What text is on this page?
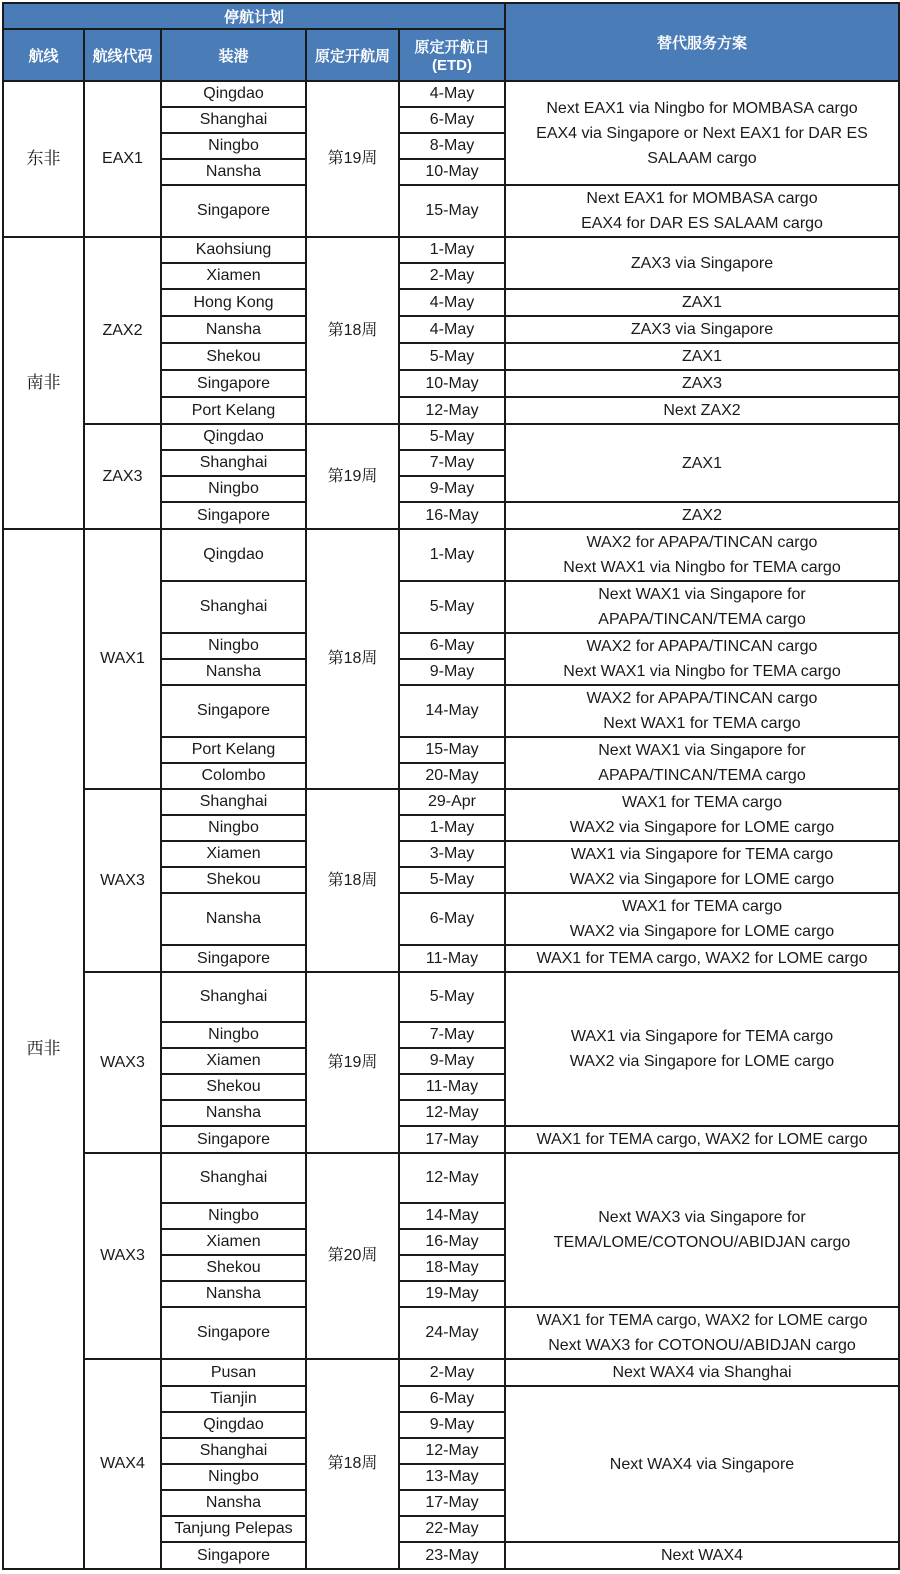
停航计划					替代服务方案
航线	航线代码	装港	原定开航周	原定开航日
(ETD)	

东非	EAX1	Qingdao	第19周	4-May	Next EAX1 via Ningbo for MOMBASA cargo
EAX4 via Singapore or Next EAX1 for DAR ES SALAAM cargo

		Shanghai		6-May	
		Ningbo		8-May	
		Nansha		10-May	
		Singapore		15-May	Next EAX1 for MOMBASA cargo
EAX4 for DAR ES SALAAM cargo

南非	ZAX2	Kaohsiung	第18周	1-May	ZAX3 via Singapore

		Xiamen		2-May	
		Hong Kong		4-May	ZAX1

		Nansha		4-May	ZAX3 via Singapore

		Shekou		5-May	ZAX1

		Singapore		10-May	ZAX3

		Port Kelang		12-May	Next ZAX2

	ZAX3	Qingdao	第19周	5-May	ZAX1

		Shanghai		7-May	
		Ningbo		9-May	
		Singapore		16-May	ZAX2

西非	WAX1	Qingdao	第18周	1-May	WAX2 for APAPA/TINCAN cargo
Next WAX1 via Ningbo for TEMA cargo

		Shanghai		5-May	Next WAX1 via Singapore for
APAPA/TINCAN/TEMA cargo

		Ningbo		6-May	WAX2 for APAPA/TINCAN cargo
Next WAX1 via Ningbo for TEMA cargo

		Nansha		9-May	
		Singapore		14-May	WAX2 for APAPA/TINCAN cargo
Next WAX1 for TEMA cargo

		Port Kelang		15-May	Next WAX1 via Singapore for
APAPA/TINCAN/TEMA cargo

		Colombo		20-May	
	WAX3	Shanghai	第18周	29-Apr	WAX1 for TEMA cargo
WAX2 via Singapore for LOME cargo

		Ningbo		1-May	
		Xiamen		3-May	WAX1 via Singapore for TEMA cargo
WAX2 via Singapore for LOME cargo

		Shekou		5-May	
		Nansha		6-May	WAX1 for TEMA cargo
WAX2 via Singapore for LOME cargo

		Singapore		11-May	WAX1 for TEMA cargo, WAX2 for LOME cargo

	WAX3	Shanghai	第19周	5-May	WAX1 via Singapore for TEMA cargo
WAX2 via Singapore for LOME cargo

		Ningbo		7-May	
		Xiamen		9-May	
		Shekou		11-May	
		Nansha		12-May	
		Singapore		17-May	WAX1 for TEMA cargo, WAX2 for LOME cargo

	WAX3	Shanghai	第20周	12-May	Next WAX3 via Singapore for
TEMA/LOME/COTONOU/ABIDJAN cargo

		Ningbo		14-May	
		Xiamen		16-May	
		Shekou		18-May	
		Nansha		19-May	
		Singapore		24-May	WAX1 for TEMA cargo, WAX2 for LOME cargo
Next WAX3 for COTONOU/ABIDJAN cargo

	WAX4	Pusan	第18周	2-May	Next WAX4 via Shanghai

		Tianjin		6-May	Next WAX4 via Singapore

		Qingdao		9-May	
		Shanghai		12-May	
		Ningbo		13-May	
		Nansha		17-May	
		Tanjung Pelepas		22-May	
		Singapore		23-May	Next WAX4
